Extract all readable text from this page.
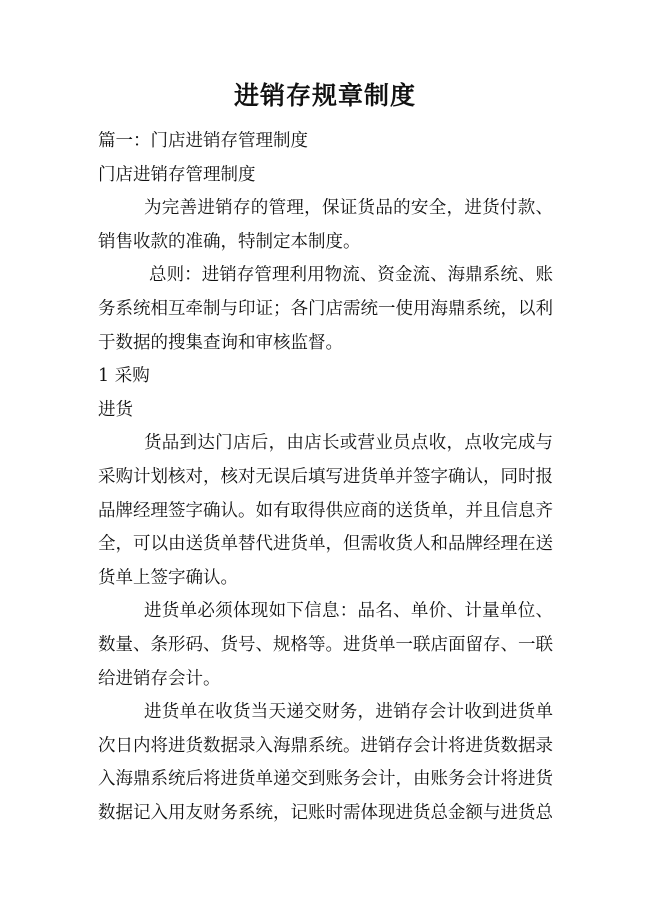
进销存规章制度

篇一：门店进销存管理制度

门店进销存管理制度

为完善进销存的管理，保证货品的安全，进货付款、销售收款的准确，特制定本制度。

总则：进销存管理利用物流、资金流、海鼎系统、账务系统相互牵制与印证；各门店需统一使用海鼎系统，以利于数据的搜集查询和审核监督。

1 采购

进货

货品到达门店后，由店长或营业员点收，点收完成与采购计划核对，核对无误后填写进货单并签字确认，同时报品牌经理签字确认。如有取得供应商的送货单，并且信息齐全，可以由送货单替代进货单，但需收货人和品牌经理在送货单上签字确认。

进货单必须体现如下信息：品名、单价、计量单位、数量、条形码、货号、规格等。进货单一联店面留存、一联给进销存会计。

进货单在收货当天递交财务，进销存会计收到进货单次日内将进货数据录入海鼎系统。进销存会计将进货数据录入海鼎系统后将进货单递交到账务会计，由账务会计将进货数据记入用友财务系统，记账时需体现进货总金额与进货总
